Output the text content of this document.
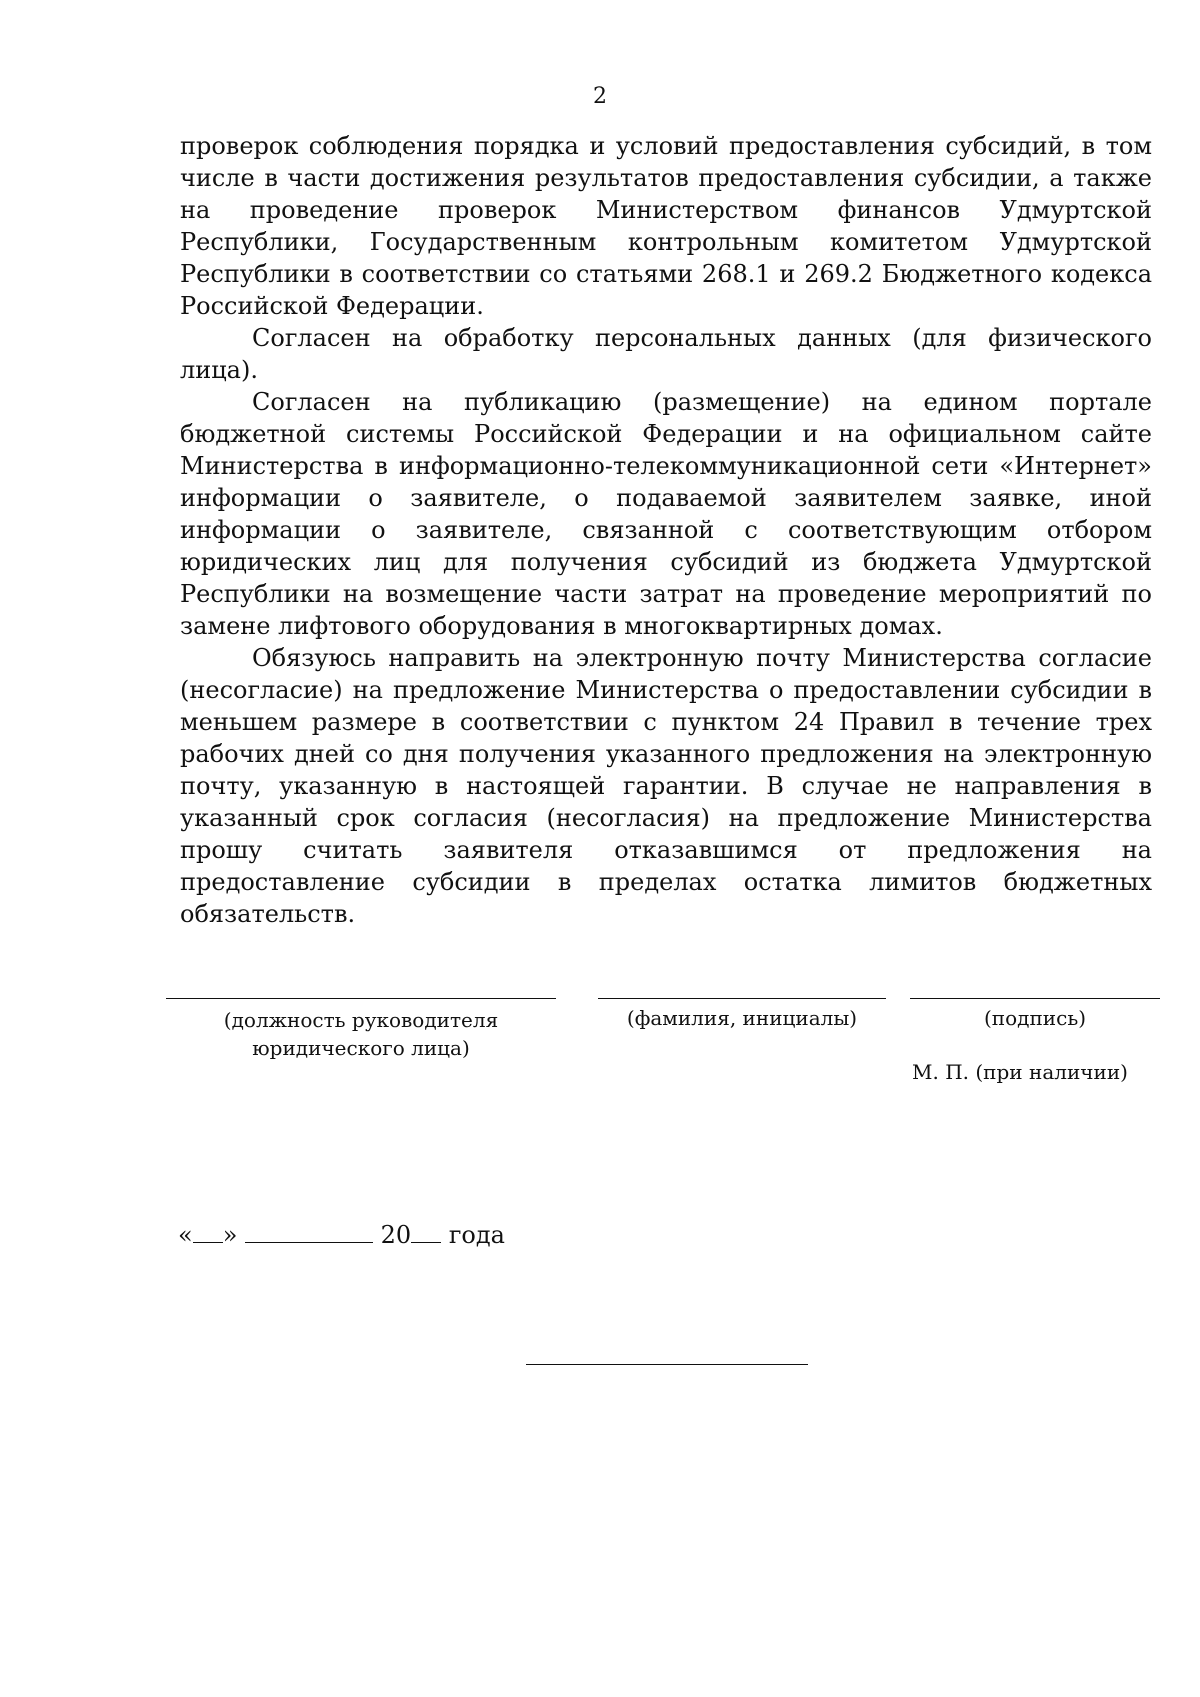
2

проверок соблюдения порядка и условий предоставления субсидий, в том числе в части достижения результатов предоставления субсидии, а также на проведение проверок Министерством финансов Удмуртской Республики, Государственным контрольным комитетом Удмуртской Республики в соответствии со статьями 268.1 и 269.2 Бюджетного кодекса Российской Федерации.

Согласен на обработку персональных данных (для физического лица).

Согласен на публикацию (размещение) на едином портале бюджетной системы Российской Федерации и на официальном сайте Министерства в информационно-телекоммуникационной сети «Интернет» информации о заявителе, о подаваемой заявителем заявке, иной информации о заявителе, связанной с соответствующим отбором юридических лиц для получения субсидий из бюджета Удмуртской Республики на возмещение части затрат на проведение мероприятий по замене лифтового оборудования в многоквартирных домах.

Обязуюсь направить на электронную почту Министерства согласие (несогласие) на предложение Министерства о предоставлении субсидии в меньшем размере в соответствии с пунктом 24 Правил в течение трех рабочих дней со дня получения указанного предложения на электронную почту, указанную в настоящей гарантии. В случае не направления в указанный срок согласия (несогласия) на предложение Министерства прошу считать заявителя отказавшимся от предложения на предоставление субсидии в пределах остатка лимитов бюджетных обязательств.

(должность руководителя юридического лица)
(фамилия, инициалы)	(подпись)
М. П. (при наличии)
« »	20 года
